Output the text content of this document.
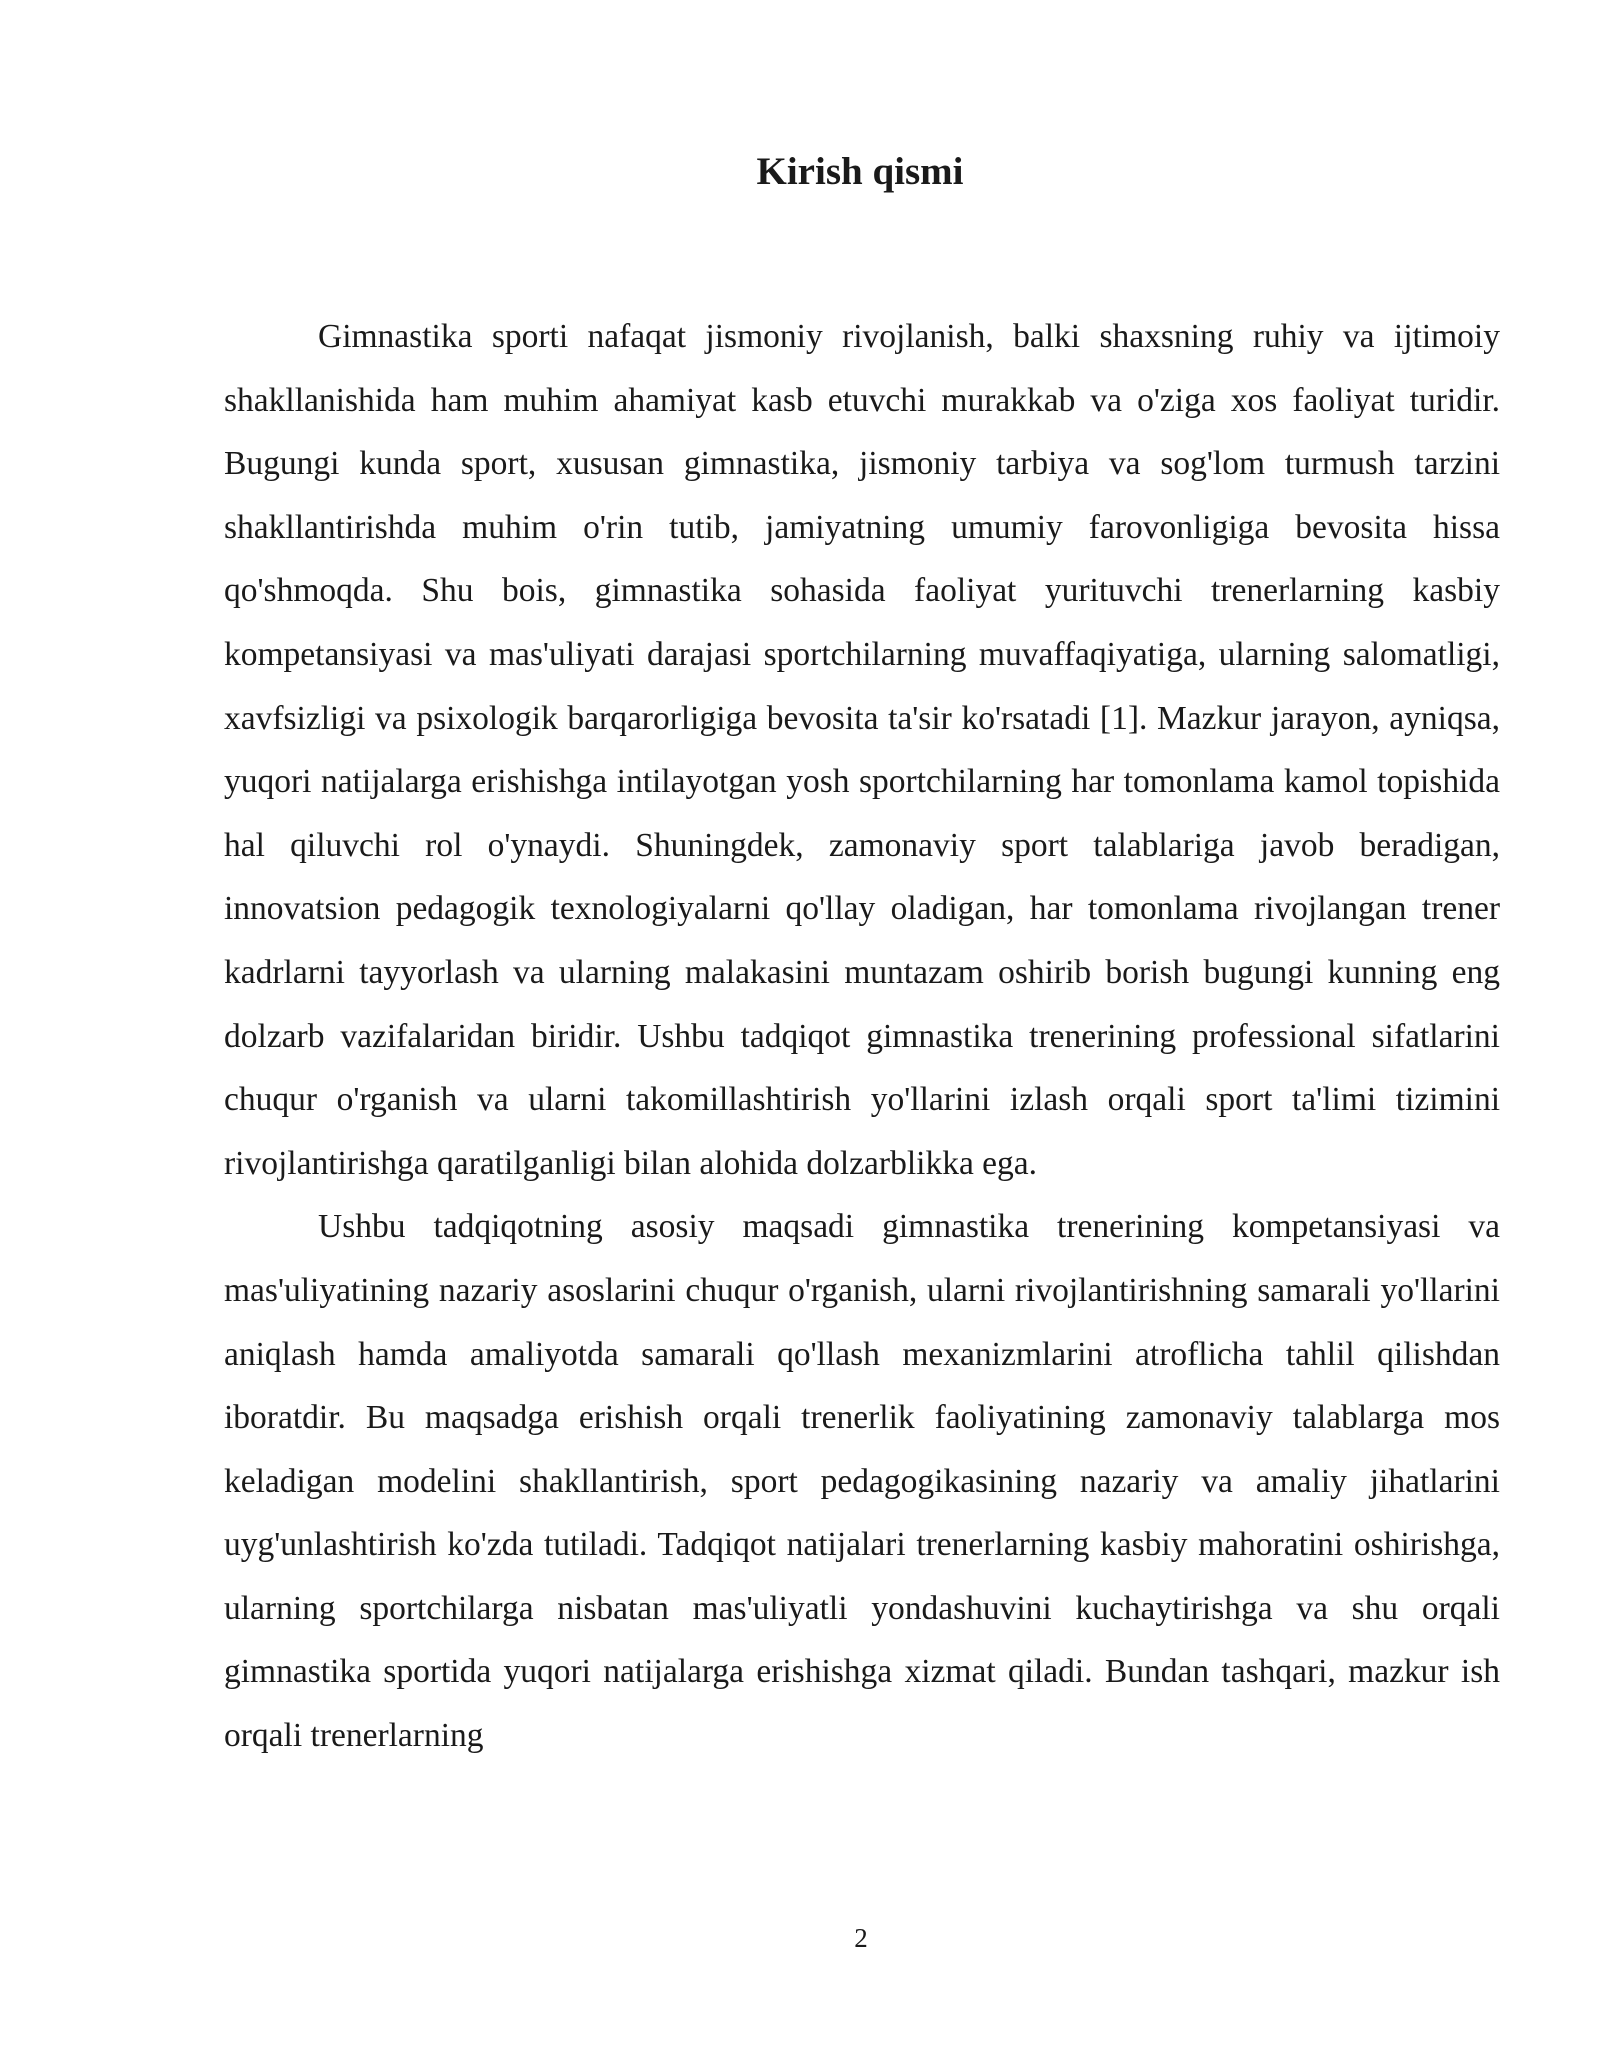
Kirish qismi

Gimnastika sporti nafaqat jismoniy rivojlanish, balki shaxsning ruhiy va ijtimoiy shakllanishida ham muhim ahamiyat kasb etuvchi murakkab va o'ziga xos faoliyat turidir. Bugungi kunda sport, xususan gimnastika, jismoniy tarbiya va sog'lom turmush tarzini shakllantirishda muhim o'rin tutib, jamiyatning umumiy farovonligiga bevosita hissa qo'shmoqda. Shu bois, gimnastika sohasida faoliyat yurituvchi trenerlarning kasbiy kompetansiyasi va mas'uliyati darajasi sportchilarning muvaffaqiyatiga, ularning salomatligi, xavfsizligi va psixologik barqarorligiga bevosita ta'sir ko'rsatadi [1]. Mazkur jarayon, ayniqsa, yuqori natijalarga erishishga intilayotgan yosh sportchilarning har tomonlama kamol topishida hal qiluvchi rol o'ynaydi. Shuningdek, zamonaviy sport talablariga javob beradigan, innovatsion pedagogik texnologiyalarni qo'llay oladigan, har tomonlama rivojlangan trener kadrlarni tayyorlash va ularning malakasini muntazam oshirib borish bugungi kunning eng dolzarb vazifalaridan biridir. Ushbu tadqiqot gimnastika trenerining professional sifatlarini chuqur o'rganish va ularni takomillashtirish yo'llarini izlash orqali sport ta'limi tizimini rivojlantirishga qaratilganligi bilan alohida dolzarblikka ega.

Ushbu tadqiqotning asosiy maqsadi gimnastika trenerining kompetansiyasi va mas'uliyatining nazariy asoslarini chuqur o'rganish, ularni rivojlantirishning samarali yo'llarini aniqlash hamda amaliyotda samarali qo'llash mexanizmlarini atroflicha tahlil qilishdan iboratdir. Bu maqsadga erishish orqali trenerlik faoliyatining zamonaviy talablarga mos keladigan modelini shakllantirish, sport pedagogikasining nazariy va amaliy jihatlarini uyg'unlashtirish ko'zda tutiladi. Tadqiqot natijalari trenerlarning kasbiy mahoratini oshirishga, ularning sportchilarga nisbatan mas'uliyatli yondashuvini kuchaytirishga va shu orqali gimnastika sportida yuqori natijalarga erishishga xizmat qiladi. Bundan tashqari, mazkur ish orqali trenerlarning

2
